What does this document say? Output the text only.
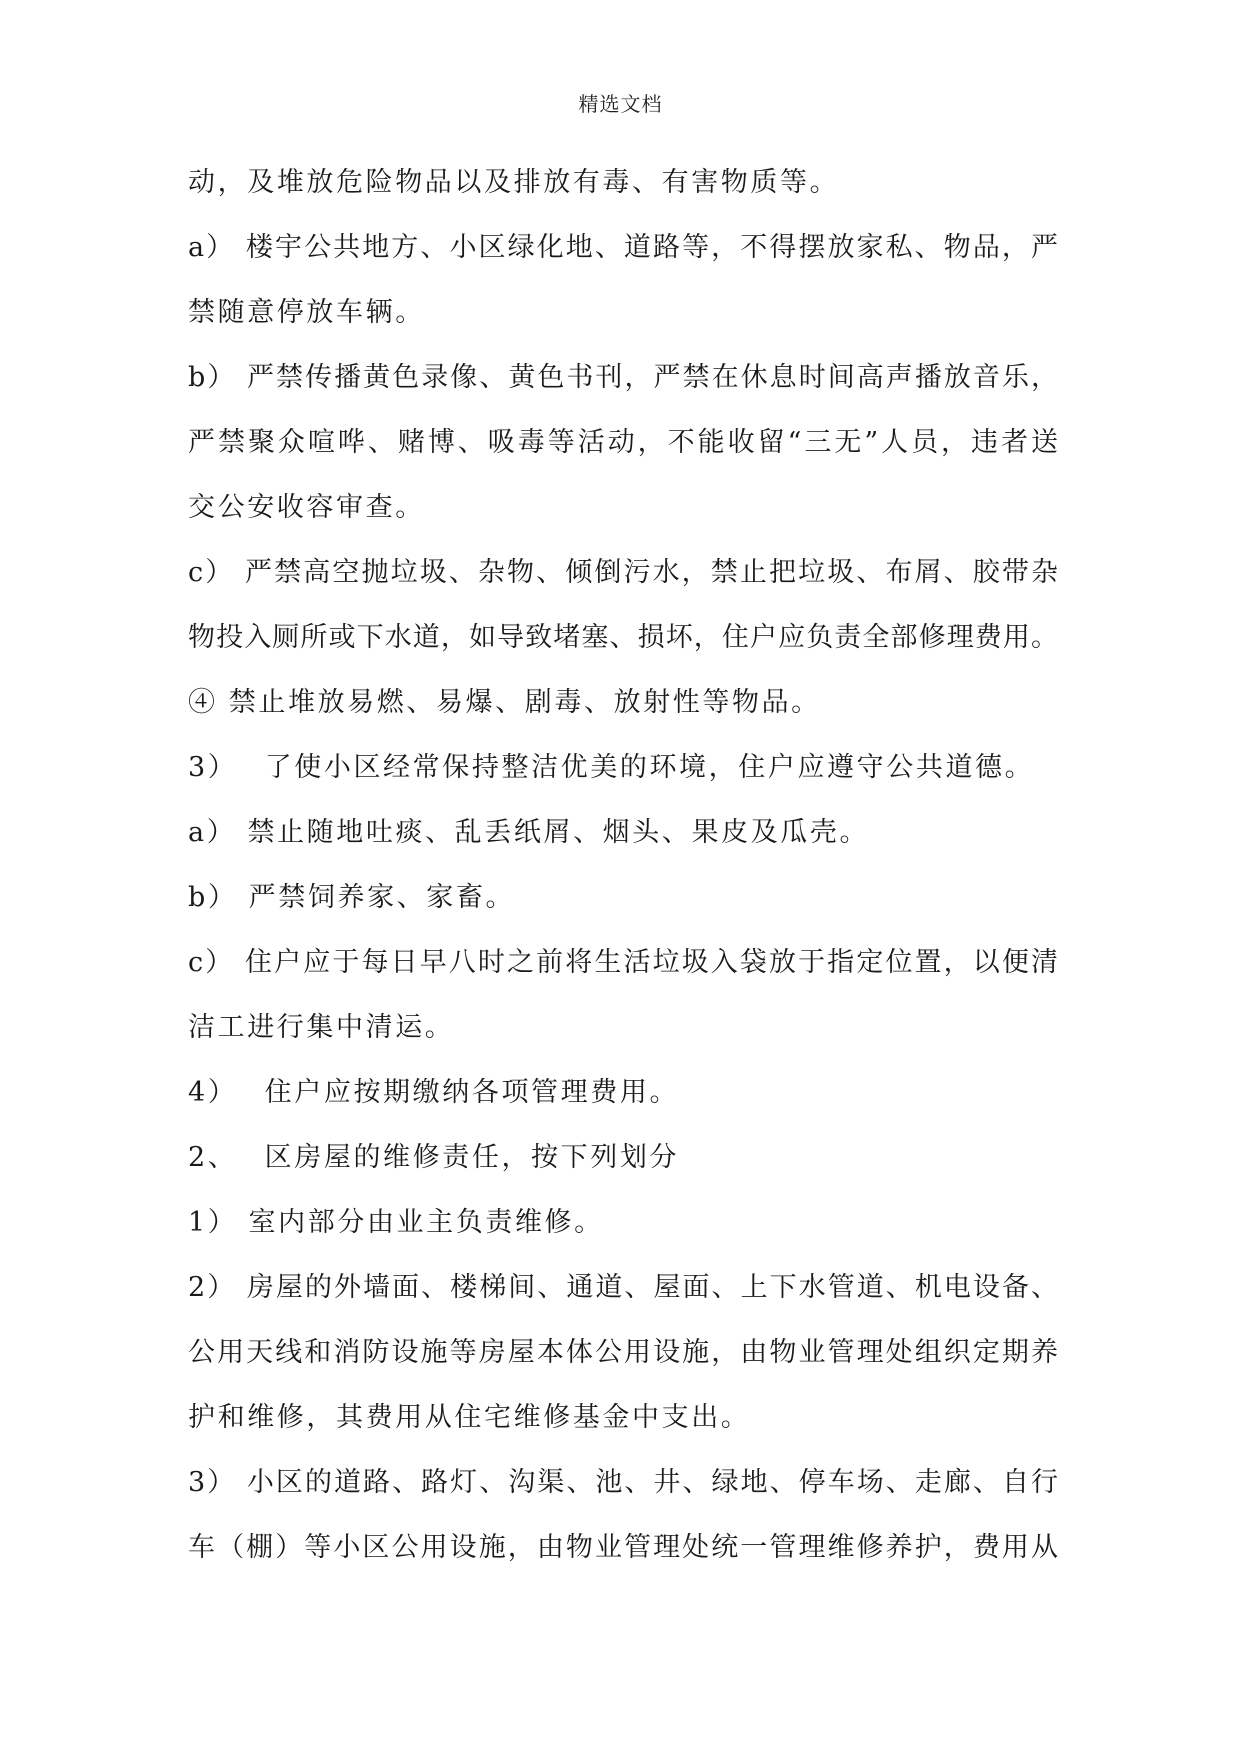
精选文档
动，及堆放危险物品以及排放有毒、有害物质等。
a） 楼宇公共地方、小区绿化地、道路等，不得摆放家私、物品，严
禁随意停放车辆。
b） 严禁传播黄色录像、黄色书刊，严禁在休息时间高声播放音乐，
严禁聚众喧哗、赌博、吸毒等活动，不能收留“三无”人员，违者送
交公安收容审查。
c） 严禁高空抛垃圾、杂物、倾倒污水，禁止把垃圾、布屑、胶带杂
物投入厕所或下水道，如导致堵塞、损坏，住户应负责全部修理费用。
④ 禁止堆放易燃、易爆、剧毒、放射性等物品。
3）　 了使小区经常保持整洁优美的环境，住户应遵守公共道德。
a） 禁止随地吐痰、乱丢纸屑、烟头、果皮及瓜壳。
b） 严禁饲养家、家畜。
c） 住户应于每日早八时之前将生活垃圾入袋放于指定位置，以便清
洁工进行集中清运。
4）　 住户应按期缴纳各项管理费用。
2、　 区房屋的维修责任，按下列划分
1） 室内部分由业主负责维修。
2） 房屋的外墙面、楼梯间、通道、屋面、上下水管道、机电设备、
公用天线和消防设施等房屋本体公用设施，由物业管理处组织定期养
护和维修，其费用从住宅维修基金中支出。
3） 小区的道路、路灯、沟渠、池、井、绿地、停车场、走廊、自行
车（棚）等小区公用设施，由物业管理处统一管理维修养护，费用从
